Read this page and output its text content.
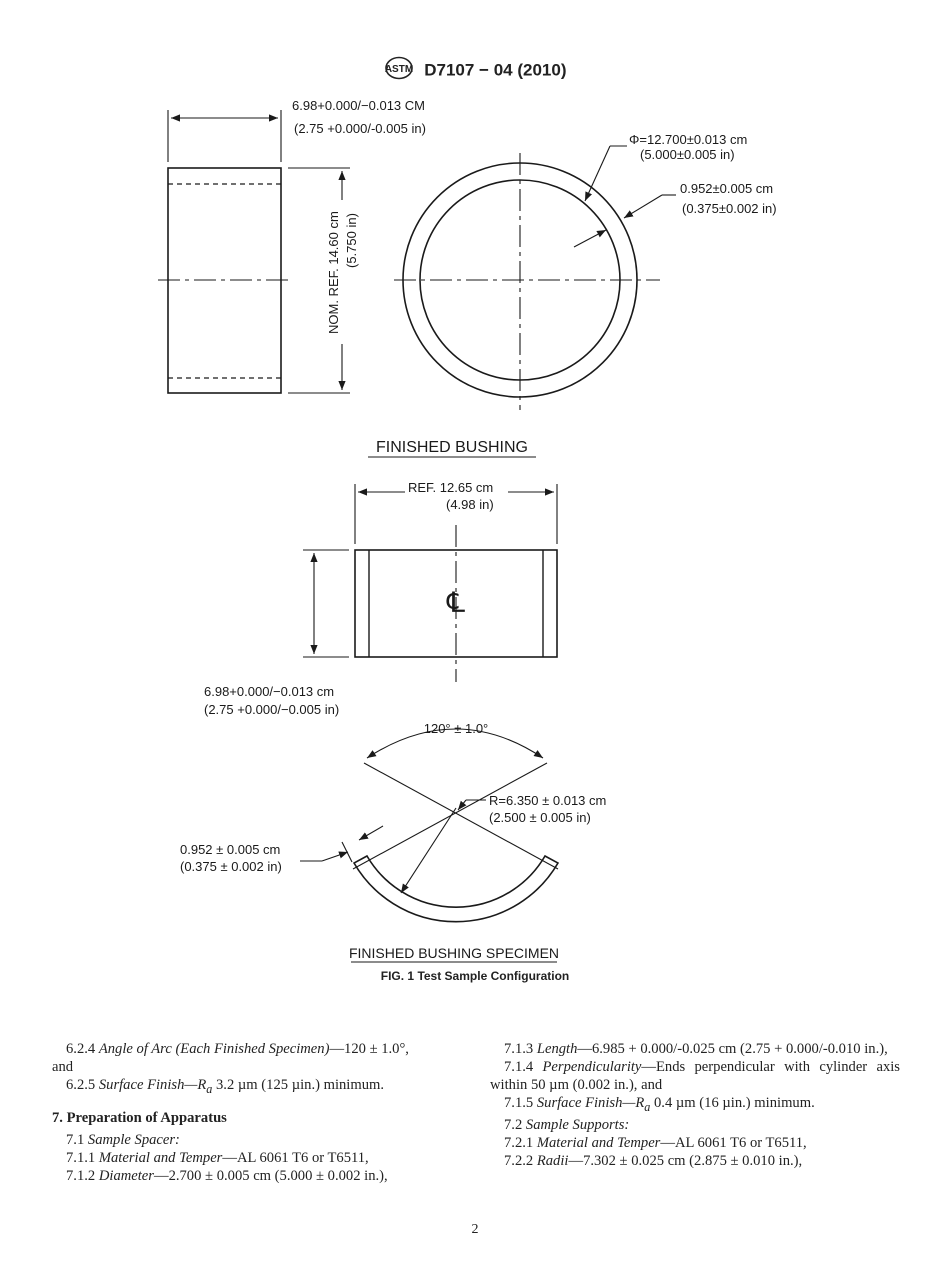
ASTM D7107 − 04 (2010)
6.98+0.000/−0.013 CM
(2.75 +0.000/-0.005 in)
NOM. REF. 14.60 cm (5.750 in)
Φ=12.700±0.013 cm
(5.000±0.005 in)
0.952±0.005 cm
(0.375±0.002 in)
FINISHED BUSHING
REF. 12.65 cm
(4.98 in)
℄
6.98+0.000/−0.013 cm
(2.75 +0.000/−0.005 in)
120° ± 1.0°
R=6.350 ± 0.013 cm
(2.500 ± 0.005 in)
0.952 ± 0.005 cm
(0.375 ± 0.002 in)
FINISHED BUSHING SPECIMEN
FIG. 1 Test Sample Configuration

6.2.4 Angle of Arc (Each Finished Specimen)—120 ± 1.0°,

and

6.2.5 Surface $Finish—R_a$ 3.2 µm (125 µin.) minimum.

7. Preparation of Apparatus

7.1 Sample Spacer:

7.1.1 Material and Temper—AL 6061 T6 or T6511,

7.1.2 Diameter—2.700 ± 0.005 cm (5.000 ± 0.002 in.),

7.1.3 Length—6.985 + 0.000/-0.025 cm (2.75 + 0.000/-0.010 in.),

7.1.4 Perpendicularity—Ends perpendicular with cylinder axis within 50 µm (0.002 in.), and

7.1.5 Surface $Finish—R_a$ 0.4 µm (16 µin.) minimum.

7.2 Sample Supports:

7.2.1 Material and Temper—AL 6061 T6 or T6511,

7.2.2 Radii—7.302 ± 0.025 cm (2.875 ± 0.010 in.),

2
